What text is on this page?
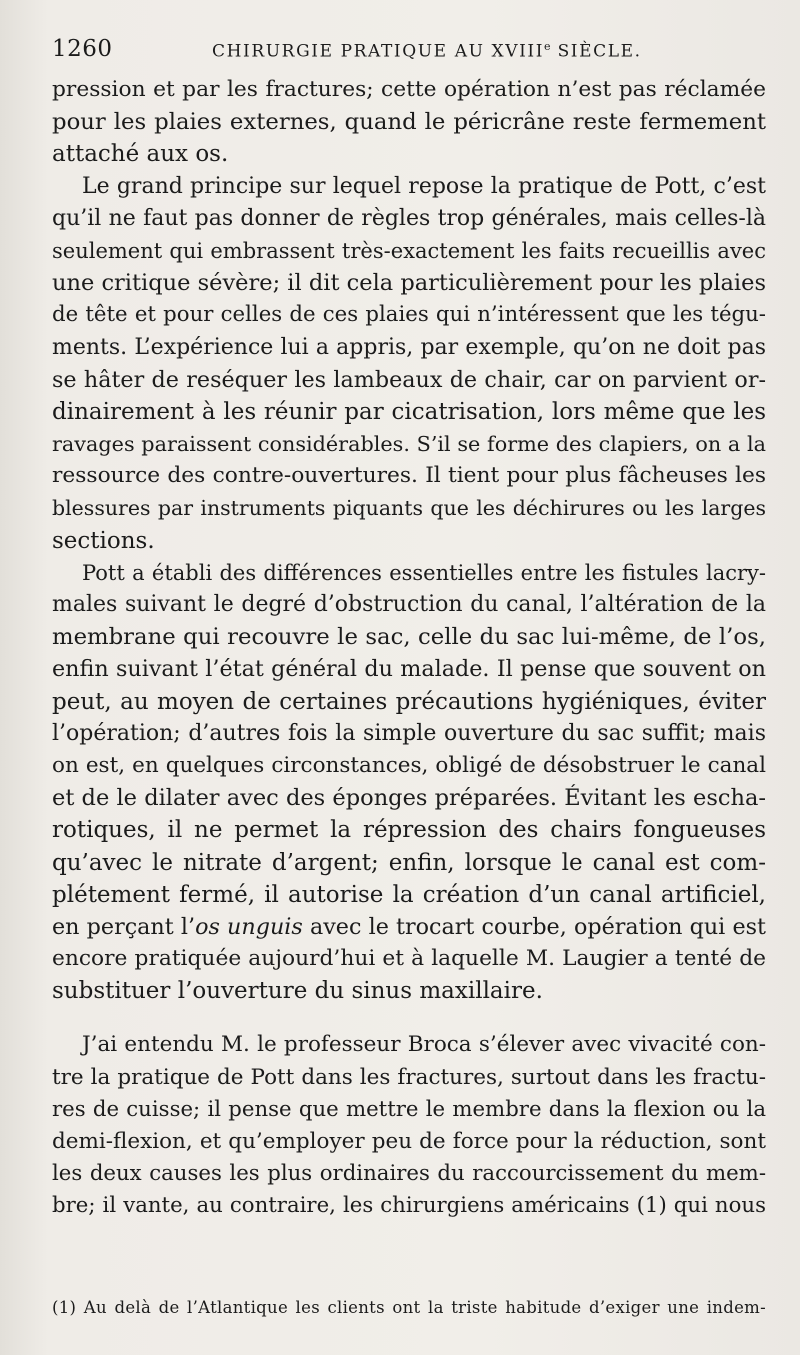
1260	CHIRURGIE PRATIQUE AU XVIIIe SIÈCLE.
pression et par les fractures; cette opération n’est pas réclamée
pour les plaies externes, quand le péricrâne reste fermement
attaché aux os.
Le grand principe sur lequel repose la pratique de Pott, c’est
qu’il ne faut pas donner de règles trop générales, mais celles-là
seulement qui embrassent très-exactement les faits recueillis avec
une critique sévère; il dit cela particulièrement pour les plaies
de tête et pour celles de ces plaies qui n’intéressent que les tégu-
ments. L’expérience lui a appris, par exemple, qu’on ne doit pas
se hâter de reséquer les lambeaux de chair, car on parvient or-
dinairement à les réunir par cicatrisation, lors même que les
ravages paraissent considérables. S’il se forme des clapiers, on a la
ressource des contre-ouvertures. Il tient pour plus fâcheuses les
blessures par instruments piquants que les déchirures ou les larges
sections.
Pott a établi des différences essentielles entre les fistules lacry-
males suivant le degré d’obstruction du canal, l’altération de la
membrane qui recouvre le sac, celle du sac lui-même, de l’os,
enfin suivant l’état général du malade. Il pense que souvent on
peut, au moyen de certaines précautions hygiéniques, éviter
l’opération; d’autres fois la simple ouverture du sac suffit; mais
on est, en quelques circonstances, obligé de désobstruer le canal
et de le dilater avec des éponges préparées. Évitant les escha-
rotiques, il ne permet la répression des chairs fongueuses
qu’avec le nitrate d’argent; enfin, lorsque le canal est com-
plétement fermé, il autorise la création d’un canal artificiel,
en perçant l’os unguis avec le trocart courbe, opération qui est
encore pratiquée aujourd’hui et à laquelle M. Laugier a tenté de
substituer l’ouverture du sinus maxillaire.
J’ai entendu M. le professeur Broca s’élever avec vivacité con-
tre la pratique de Pott dans les fractures, surtout dans les fractu-
res de cuisse; il pense que mettre le membre dans la flexion ou la
demi-flexion, et qu’employer peu de force pour la réduction, sont
les deux causes les plus ordinaires du raccourcissement du mem-
bre; il vante, au contraire, les chirurgiens américains (1) qui nous
(1) Au delà de l’Atlantique les clients ont la triste habitude d’exiger une indem-
